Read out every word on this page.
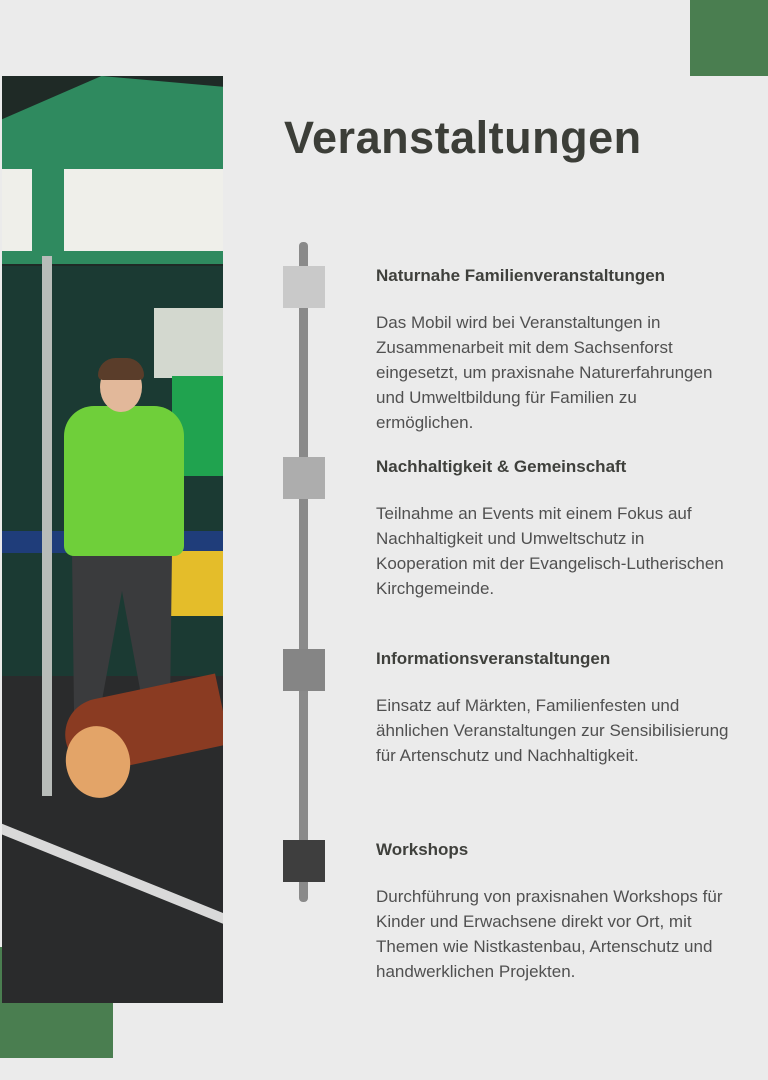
Veranstaltungen
Naturnahe Familienveranstaltungen

Das Mobil wird bei Veranstaltungen in Zusammenarbeit mit dem Sachsenforst eingesetzt, um praxisnahe Naturerfahrungen und Umweltbildung für Familien zu ermöglichen.

Nachhaltigkeit & Gemeinschaft

Teilnahme an Events mit einem Fokus auf Nachhaltigkeit und Umweltschutz in Kooperation mit der Evangelisch-Lutherischen Kirchgemeinde.

Informationsveranstaltungen

Einsatz auf Märkten, Familienfesten und ähnlichen Veranstaltungen zur Sensibilisierung für Artenschutz und Nachhaltigkeit.

Workshops

Durchführung von praxisnahen Workshops für Kinder und Erwachsene direkt vor Ort, mit Themen wie Nistkastenbau, Artenschutz und handwerklichen Projekten.
